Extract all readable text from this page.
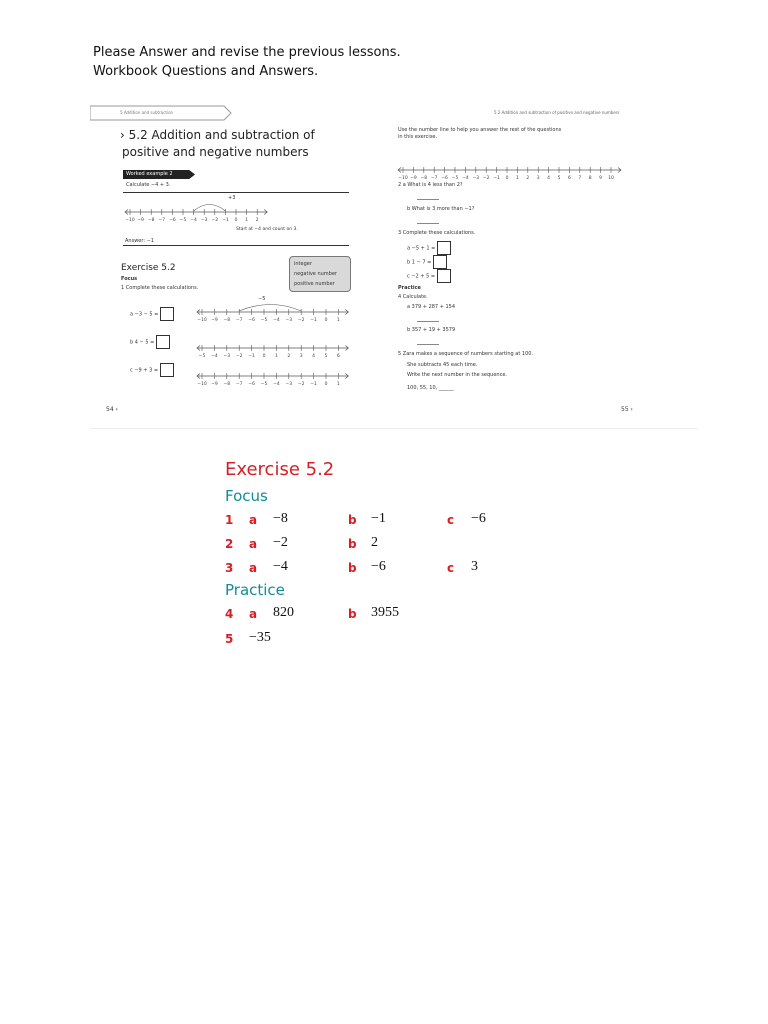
Please Answer and revise the previous lessons.
Workbook Questions and Answers.
5 Addition and subtraction
› 5.2 Addition and subtraction of
positive and negative numbers
Worked example 2
Calculate −4 + 3.
+3
−10 −9 −8 −7 −6 −5 −4 −3 −2 −1 0 1 2
Start at −4 and count on 3.
Answer: −1
Exercise 5.2
Focus
1 Complete these calculations.
integer
negative number
positive number
a −3 − 5 =
−5
−10 −9 −8 −7 −6 −5 −4 −3 −2 −1 0 1
b 4 − 5 =
−5 −4 −3 −2 −1 0 1 2 3 4 5 6
c −9 + 3 =
−10 −9 −8 −7 −6 −5 −4 −3 −2 −1 0 1
54 ›
5.2 Addition and subtraction of positive and negative numbers
Use the number line to help you answer the rest of the questions
in this exercise.
−10 −9 −8 −7 −6 −5 −4 −3 −2 −1 0 1 2 3 4 5 6 7 8 9 10
2 a What is 4 less than 2?
b What is 3 more than −1?
3 Complete these calculations.
a −5 + 1 =
b 1 − 7 =
c −2 + 5 =
Practice
4 Calculate.
a 379 + 287 + 154
b 357 + 19 + 3579
5 Zara makes a sequence of numbers starting at 100.
She subtracts 45 each time.
Write the next number in the sequence.
100, 55, 10, ______
55 ›
Exercise 5.2
Focus
1 a −8	b −1	c −6
2 a −2	b 2
3 a −4	b −6	c 3
Practice
4 a 820	b 3955
5 −35
